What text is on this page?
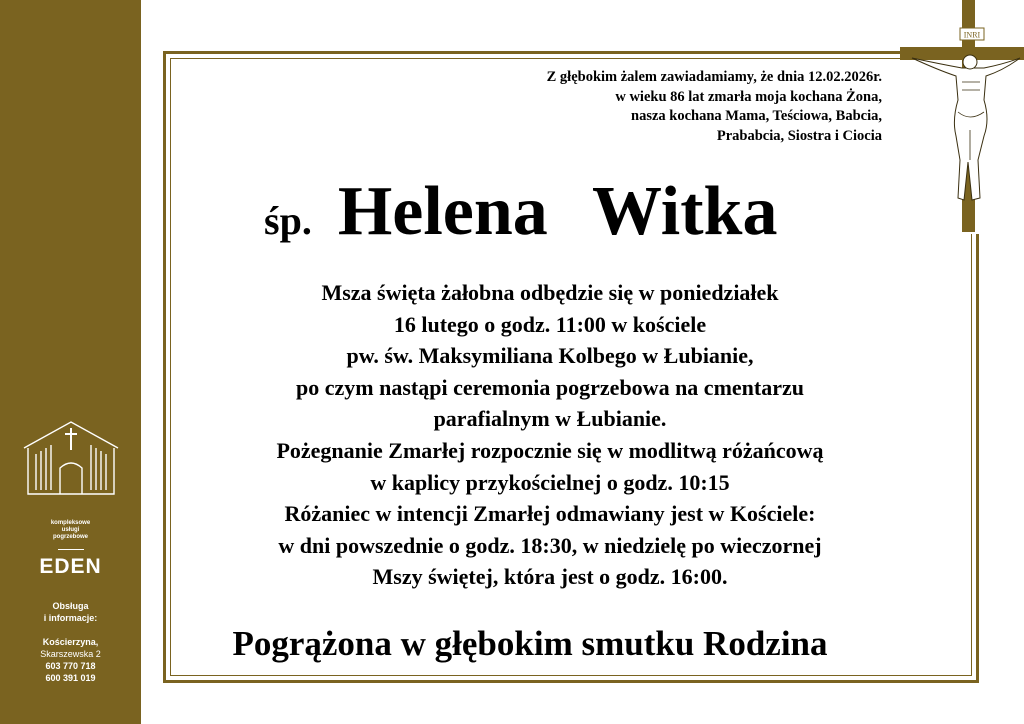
kompleksowe
usługi
pogrzebowe
EDEN
Obsługa
i informacje:
Kościerzyna,
Skarszewska 2
603 770 718
600 391 019
INRI
Z głębokim żalem zawiadamiamy, że dnia 12.02.2026r.
w wieku 86 lat zmarła moja kochana Żona,
nasza kochana Mama, Teściowa, Babcia,
Prababcia, Siostra i Ciocia
śp. Helena Witka
Msza święta żałobna odbędzie się w poniedziałek
16 lutego o godz. 11:00 w kościele
pw. św. Maksymiliana Kolbego w Łubianie,
po czym nastąpi ceremonia pogrzebowa na cmentarzu
parafialnym w Łubianie.
Pożegnanie Zmarłej rozpocznie się w modlitwą różańcową
w kaplicy przykościelnej o godz. 10:15
Różaniec w intencji Zmarłej odmawiany jest w Kościele:
w dni powszednie o godz. 18:30, w niedzielę po wieczornej
Mszy świętej, która jest o godz. 16:00.
Pogrążona w głębokim smutku Rodzina
